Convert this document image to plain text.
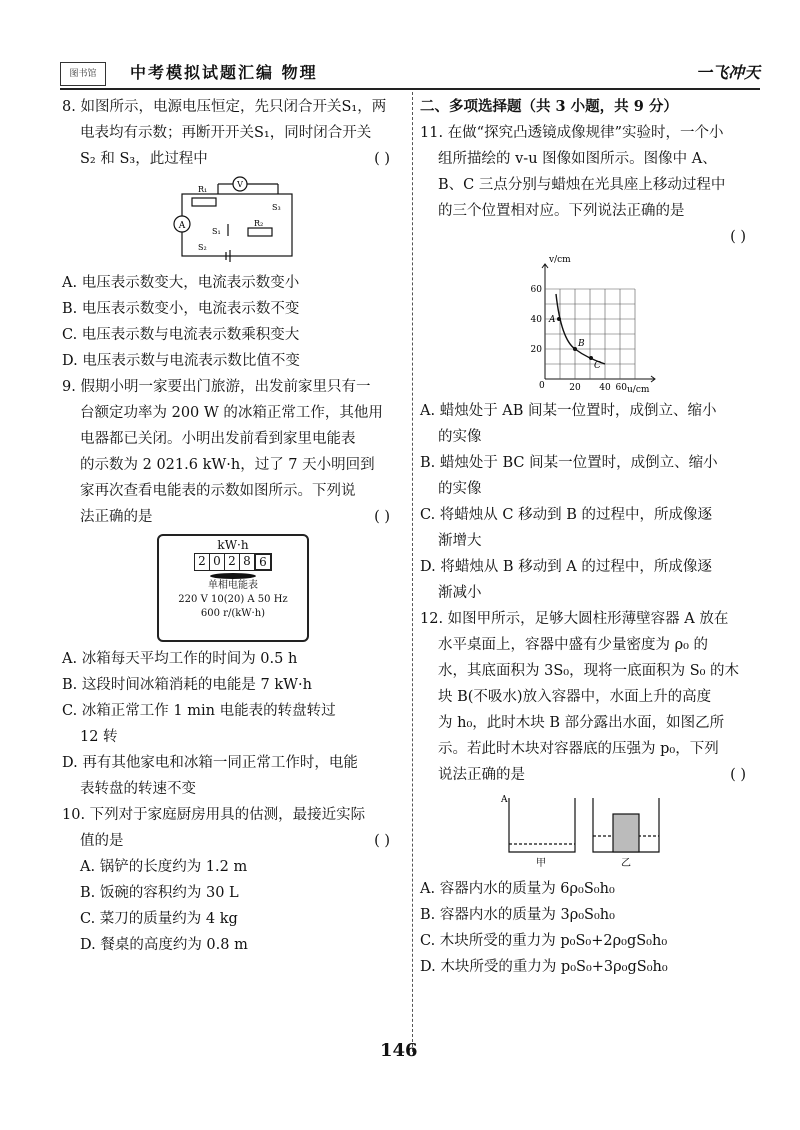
图书馆	中考模拟试题汇编 物理	一飞冲天

8. 如图所示，电源电压恒定，先只闭合开关S₁，两

电表均有示数；再断开开关S₁，同时闭合开关

S₂ 和 S₃，此过程中	( )

A
V
R₁
R₂
S₁
S₂
S₃

A. 电压表示数变大，电流表示数变小

B. 电压表示数变小，电流表示数不变

C. 电压表示数与电流表示数乘积变大

D. 电压表示数与电流表示数比值不变

9. 假期小明一家要出门旅游，出发前家里只有一

台额定功率为 200 W 的冰箱正常工作，其他用

电器都已关闭。小明出发前看到家里电能表

的示数为 2 021.6 kW·h，过了 7 天小明回到

家再次查看电能表的示数如图所示。下列说

法正确的是	( )

kW·h
2 0 2 8 6
单相电能表
220 V 10(20) A 50 Hz
600 r/(kW·h)

A. 冰箱每天平均工作的时间为 0.5 h

B. 这段时间冰箱消耗的电能是 7 kW·h

C. 冰箱正常工作 1 min 电能表的转盘转过

12 转

D. 再有其他家电和冰箱一同正常工作时，电能

表转盘的转速不变

10. 下列对于家庭厨房用具的估测，最接近实际

值的是	( )

A. 锅铲的长度约为 1.2 m

B. 饭碗的容积约为 30 L

C. 菜刀的质量约为 4 kg

D. 餐桌的高度约为 0.8 m

二、多项选择题（共 3 小题，共 9 分）

11. 在做“探究凸透镜成像规律”实验时，一个小

组所描绘的 v-u 图像如图所示。图像中 A、

B、C 三点分别与蜡烛在光具座上移动过程中

的三个位置相对应。下列说法正确的是

( )
v/cm
u/cm
60
40
20
20 40 60
0
A
B
C

A. 蜡烛处于 AB 间某一位置时，成倒立、缩小

的实像

B. 蜡烛处于 BC 间某一位置时，成倒立、缩小

的实像

C. 将蜡烛从 C 移动到 B 的过程中，所成像逐

渐增大

D. 将蜡烛从 B 移动到 A 的过程中，所成像逐

渐减小

12. 如图甲所示，足够大圆柱形薄壁容器 A 放在

水平桌面上，容器中盛有少量密度为 ρ₀ 的

水，其底面积为 3S₀，现将一底面积为 S₀ 的木

块 B(不吸水)放入容器中，水面上升的高度

为 h₀，此时木块 B 部分露出水面，如图乙所

示。若此时木块对容器底的压强为 p₀，下列

说法正确的是	( )

A
甲	乙

A. 容器内水的质量为 6ρ₀S₀h₀

B. 容器内水的质量为 3ρ₀S₀h₀

C. 木块所受的重力为 p₀S₀+2ρ₀gS₀h₀

D. 木块所受的重力为 p₀S₀+3ρ₀gS₀h₀

146
